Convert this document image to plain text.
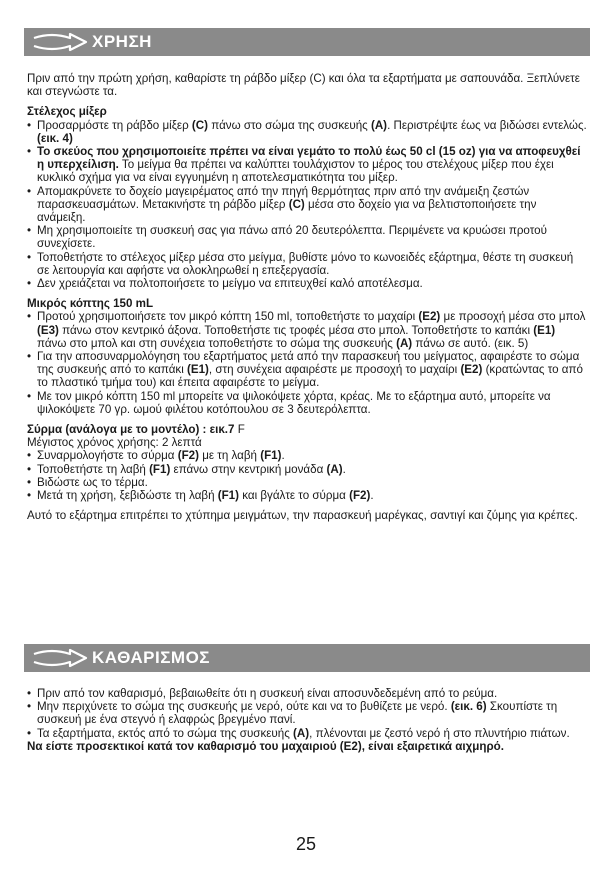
ΧΡΗΣΗ

Πριν από την πρώτη χρήση, καθαρίστε τη ράβδο μίξερ (C) και όλα τα εξαρτήματα με σαπουνάδα. Ξεπλύνετε και στεγνώστε τα.

Στέλεχος μίξερ

• Προσαρμόστε τη ράβδο μίξερ (C) πάνω στο σώμα της συσκευής (A). Περιστρέψτε έως να βιδώσει εντελώς. (εικ. 4)
• Το σκεύος που χρησιμοποιείτε πρέπει να είναι γεμάτο το πολύ έως 50 cl (15 oz) για να αποφευχθεί η υπερχείλιση. Το μείγμα θα πρέπει να καλύπτει τουλάχιστον το μέρος του στελέχους μίξερ που έχει κυκλικό σχήμα για να είναι εγγυημένη η αποτελεσματικότητα του μίξερ.
• Απομακρύνετε το δοχείο μαγειρέματος από την πηγή θερμότητας πριν από την ανάμειξη ζεστών παρασκευασμάτων. Μετακινήστε τη ράβδο μίξερ (C) μέσα στο δοχείο για να βελτιστοποιήσετε την ανάμειξη.
• Μη χρησιμοποιείτε τη συσκευή σας για πάνω από 20 δευτερόλεπτα. Περιμένετε να κρυώσει προτού συνεχίσετε.
• Τοποθετήστε το στέλεχος μίξερ μέσα στο μείγμα, βυθίστε μόνο το κωνοειδές εξάρτημα, θέστε τη συσκευή σε λειτουργία και αφήστε να ολοκληρωθεί η επεξεργασία.
• Δεν χρειάζεται να πολτοποιήσετε το μείγμο να επιτευχθεί καλό αποτέλεσμα.

Μικρός κόπτης 150 mL

• Προτού χρησιμοποιήσετε τον μικρό κόπτη 150 ml, τοποθετήστε το μαχαίρι (E2) με προσοχή μέσα στο μπολ (E3) πάνω στον κεντρικό άξονα. Τοποθετήστε τις τροφές μέσα στο μπολ. Τοποθετήστε το καπάκι (E1) πάνω στο μπολ και στη συνέχεια τοποθετήστε το σώμα της συσκευής (A) πάνω σε αυτό. (εικ. 5)
• Για την αποσυναρμολόγηση του εξαρτήματος μετά από την παρασκευή του μείγματος, αφαιρέστε το σώμα της συσκευής από το καπάκι (E1), στη συνέχεια αφαιρέστε με προσοχή το μαχαίρι (E2) (κρατώντας το από το πλαστικό τμήμα του) και έπειτα αφαιρέστε το μείγμα.
• Με τον μικρό κόπτη 150 ml μπορείτε να ψιλοκόψετε χόρτα, κρέας. Με το εξάρτημα αυτό, μπορείτε να ψιλοκόψετε 70 γρ. ωμού φιλέτου κοτόπουλου σε 3 δευτερόλεπτα.

Σύρμα (ανάλογα με το μοντέλο) : εικ.7 F

Μέγιστος χρόνος χρήσης: 2 λεπτά

• Συναρμολογήστε το σύρμα (F2) με τη λαβή (F1).
• Τοποθετήστε τη λαβή (F1) επάνω στην κεντρική μονάδα (A).
• Βιδώστε ως το τέρμα.
• Μετά τη χρήση, ξεβιδώστε τη λαβή (F1) και βγάλτε το σύρμα (F2).

Αυτό το εξάρτημα επιτρέπει το χτύπημα μειγμάτων, την παρασκευή μαρέγκας, σαντιγί και ζύμης για κρέπες.

ΚΑΘΑΡΙΣΜΟΣ
• Πριν από τον καθαρισμό, βεβαιωθείτε ότι η συσκευή είναι αποσυνδεδεμένη από το ρεύμα.
• Μην περιχύνετε το σώμα της συσκευής με νερό, ούτε και να το βυθίζετε με νερό. (εικ. 6) Σκουπίστε τη συσκευή με ένα στεγνό ή ελαφρώς βρεγμένο πανί.
• Τα εξαρτήματα, εκτός από το σώμα της συσκευής (A), πλένονται με ζεστό νερό ή στο πλυντήριο πιάτων.

Να είστε προσεκτικοί κατά τον καθαρισμό του μαχαιριού (E2), είναι εξαιρετικά αιχμηρό.

25
